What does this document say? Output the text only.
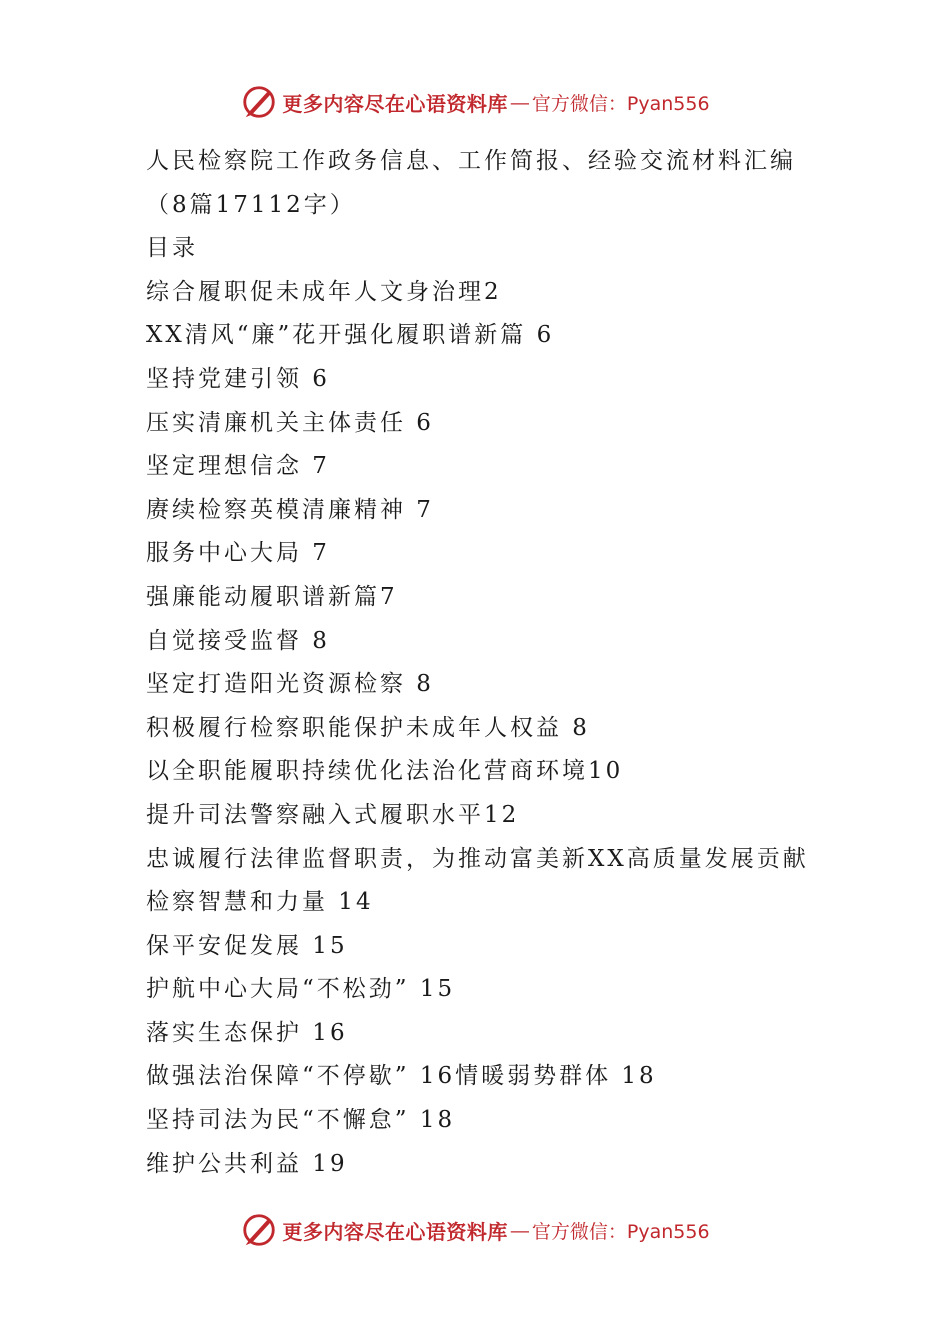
更多内容尽在心语资料库 — 官方微信：Pyan556
人民检察院工作政务信息、工作简报、经验交流材料汇编
（8篇17112字）
目录
综合履职促未成年人文身治理2
XX清风“廉”花开强化履职谱新篇 6
坚持党建引领 6
压实清廉机关主体责任 6
坚定理想信念 7
赓续检察英模清廉精神 7
服务中心大局 7
强廉能动履职谱新篇7
自觉接受监督 8
坚定打造阳光资源检察 8
积极履行检察职能保护未成年人权益 8
以全职能履职持续优化法治化营商环境10
提升司法警察融入式履职水平12
忠诚履行法律监督职责，为推动富美新XX高质量发展贡献
检察智慧和力量 14
保平安促发展 15
护航中心大局“不松劲” 15
落实生态保护 16
做强法治保障“不停歇” 16情暖弱势群体 18
坚持司法为民“不懈怠” 18
维护公共利益 19
更多内容尽在心语资料库 — 官方微信：Pyan556
